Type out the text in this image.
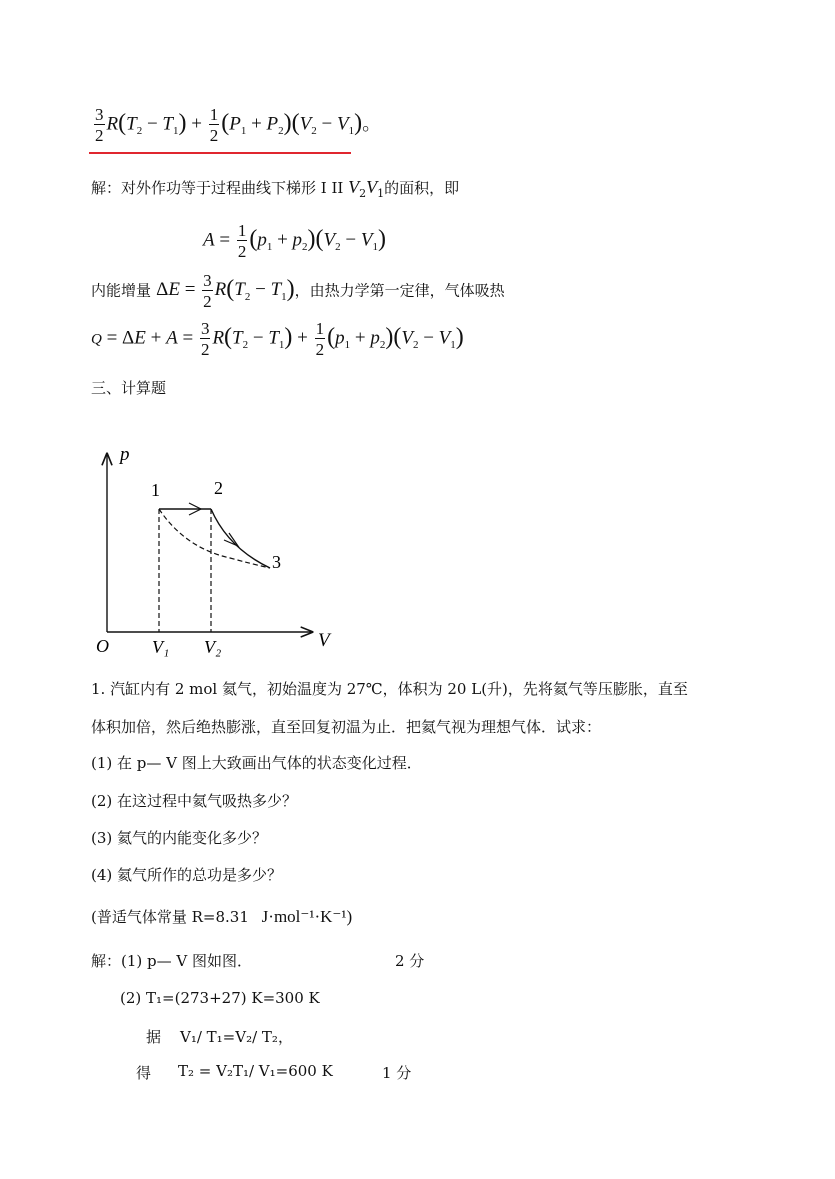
$\frac{3}{2} R(T_2 - T_1) + \frac{1}{2} (P_1 + P_2)(V_2 - V_1)$。
解：对外作功等于过程曲线下梯形 I II $V_2V_1$的面积，即
$A = \frac{1}{2} (p_1 + p_2)(V_2 - V_1)$
内能增量 $\Delta E = \frac{3}{2} R(T_2 - T_1)$，由热力学第一定律，气体吸热
$Q = \Delta E + A = \frac{3}{2} R(T_2 - T_1) + \frac{1}{2} (p_1 + p_2)(V_2 - V_1)$
三、计算题
p
V
O
1	2
3
V₁ V₂
1. 汽缸内有 2 mol 氦气，初始温度为 27℃，体积为 20 L(升)，先将氦气等压膨胀，直至
体积加倍，然后绝热膨涨，直至回复初温为止．把氦气视为理想气体．试求：
(1) 在 p— V 图上大致画出气体的状态变化过程．
(2) 在这过程中氦气吸热多少？
(3) 氦气的内能变化多少？
(4) 氦气所作的总功是多少？
(普适气体常量 R=8.31 J·mol⁻¹·K⁻¹)
解：(1) p— V 图如图．	2 分
(2) T₁=(273+27) K=300 K
据 V₁/ T₁=V₂/ T₂，
得 T₂ = V₂T₁/ V₁=600 K	1 分
